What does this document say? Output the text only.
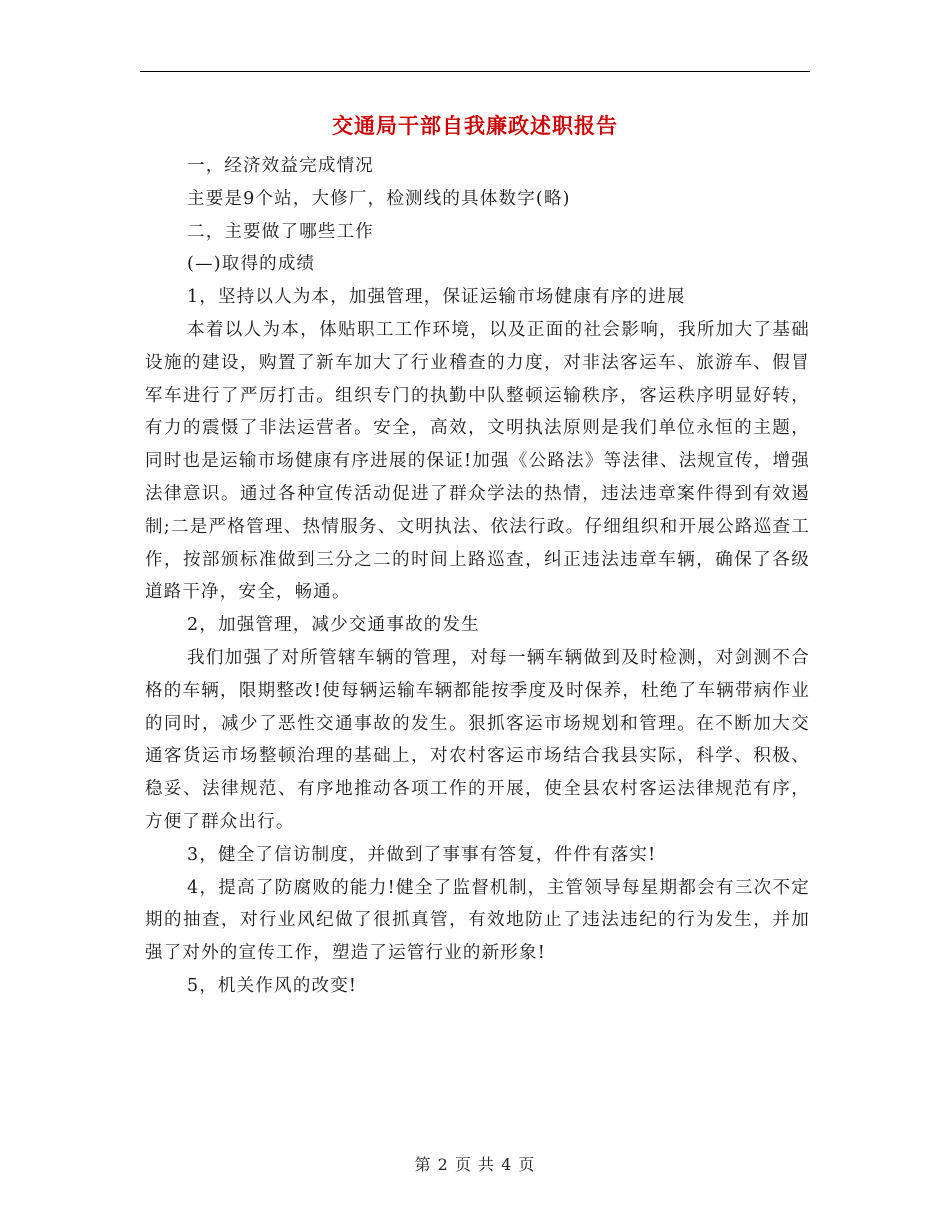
交通局干部自我廉政述职报告

一，经济效益完成情况

主要是9个站，大修厂，检测线的具体数字(略)

二，主要做了哪些工作

(—)取得的成绩

1，坚持以人为本，加强管理，保证运输市场健康有序的进展

本着以人为本，体贴职工工作环境，以及正面的社会影响，我所加大了基础设施的建设，购置了新车加大了行业稽查的力度，对非法客运车、旅游车、假冒军车进行了严厉打击。组织专门的执勤中队整顿运输秩序，客运秩序明显好转，有力的震慑了非法运营者。安全，高效，文明执法原则是我们单位永恒的主题，同时也是运输市场健康有序进展的保证!加强《公路法》等法律、法规宣传，增强法律意识。通过各种宣传活动促进了群众学法的热情，违法违章案件得到有效遏制;二是严格管理、热情服务、文明执法、依法行政。仔细组织和开展公路巡查工作，按部颁标准做到三分之二的时间上路巡查，纠正违法违章车辆，确保了各级道路干净，安全，畅通。

2，加强管理，减少交通事故的发生

我们加强了对所管辖车辆的管理，对每一辆车辆做到及时检测，对剑测不合格的车辆，限期整改!使每辆运输车辆都能按季度及时保养，杜绝了车辆带病作业的同时，减少了恶性交通事故的发生。狠抓客运市场规划和管理。在不断加大交通客货运市场整顿治理的基础上，对农村客运市场结合我县实际，科学、积极、稳妥、法律规范、有序地推动各项工作的开展，使全县农村客运法律规范有序，方便了群众出行。

3，健全了信访制度，并做到了事事有答复，件件有落实!

4，提高了防腐败的能力!健全了监督机制，主管领导每星期都会有三次不定期的抽查，对行业风纪做了很抓真管，有效地防止了违法违纪的行为发生，并加强了对外的宣传工作，塑造了运管行业的新形象!

5，机关作风的改变!

第 2 页 共 4 页
